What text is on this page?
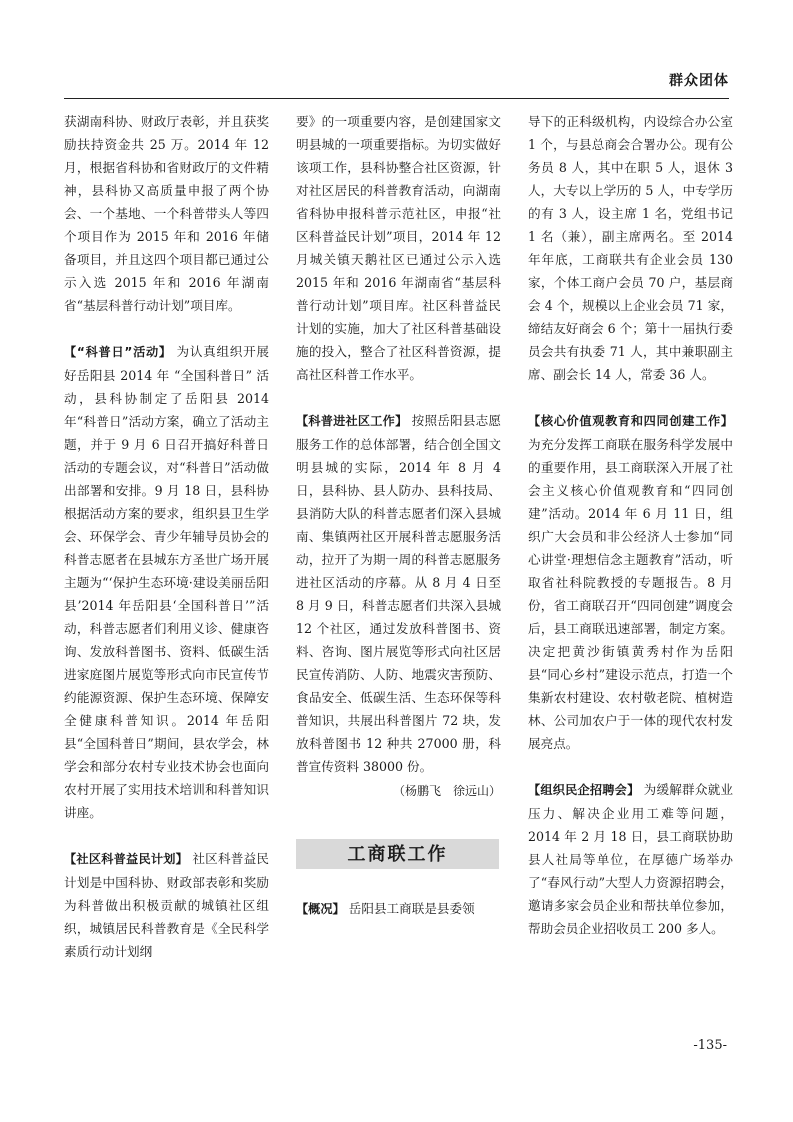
群众团体

获湖南科协、财政厅表彰，并且获奖励扶持资金共 25 万。2014 年 12 月，根据省科协和省财政厅的文件精神，县科协又高质量申报了两个协会、一个基地、一个科普带头人等四个项目作为 2015 年和 2016 年储备项目，并且这四个项目都已通过公示入选 2015 年和 2016 年湖南省“基层科普行动计划”项目库。

【“科普日”活动】 为认真组织开展好岳阳县 2014 年 “全国科普日” 活动，县科协制定了岳阳县 2014 年“科普日”活动方案，确立了活动主题，并于 9 月 6 日召开搞好科普日活动的专题会议，对“科普日”活动做出部署和安排。9 月 18 日，县科协根据活动方案的要求，组织县卫生学会、环保学会、青少年辅导员协会的科普志愿者在县城东方圣世广场开展主题为“‘保护生态环境·建设美丽岳阳县’2014 年岳阳县‘全国科普日’”活动，科普志愿者们利用义诊、健康咨询、发放科普图书、资料、低碳生活进家庭图片展览等形式向市民宣传节约能源资源、保护生态环境、保障安全健康科普知识。2014 年岳阳县“全国科普日”期间，县农学会，林学会和部分农村专业技术协会也面向农村开展了实用技术培训和科普知识讲座。

【社区科普益民计划】 社区科普益民计划是中国科协、财政部表彰和奖励为科普做出积极贡献的城镇社区组织，城镇居民科普教育是《全民科学素质行动计划纲

要》的一项重要内容，是创建国家文明县城的一项重要指标。为切实做好该项工作，县科协整合社区资源，针对社区居民的科普教育活动，向湖南省科协申报科普示范社区，申报“社区科普益民计划”项目，2014 年 12 月城关镇天鹅社区已通过公示入选 2015 年和 2016 年湖南省“基层科普行动计划”项目库。社区科普益民计划的实施，加大了社区科普基础设施的投入，整合了社区科普资源，提高社区科普工作水平。

【科普进社区工作】 按照岳阳县志愿服务工作的总体部署，结合创全国文明县城的实际，2014 年 8 月 4 日，县科协、县人防办、县科技局、县消防大队的科普志愿者们深入县城南、集镇两社区开展科普志愿服务活动，拉开了为期一周的科普志愿服务进社区活动的序幕。从 8 月 4 日至 8 月 9 日，科普志愿者们共深入县城 12 个社区，通过发放科普图书、资料、咨询、图片展览等形式向社区居民宣传消防、人防、地震灾害预防、食品安全、低碳生活、生态环保等科普知识，共展出科普图片 72 块，发放科普图书 12 种共 27000 册，科普宣传资料 38000 份。

（杨鹏飞　徐远山）
工商联工作

【概况】 岳阳县工商联是县委领

导下的正科级机构，内设综合办公室 1 个，与县总商会合署办公。现有公务员 8 人，其中在职 5 人，退休 3 人，大专以上学历的 5 人，中专学历的有 3 人，设主席 1 名，党组书记 1 名（兼），副主席两名。至 2014 年年底，工商联共有企业会员 130 家，个体工商户会员 70 户，基层商会 4 个，规模以上企业会员 71 家，缔结友好商会 6 个；第十一届执行委员会共有执委 71 人，其中兼职副主席、副会长 14 人，常委 36 人。

【核心价值观教育和四同创建工作】 为充分发挥工商联在服务科学发展中的重要作用，县工商联深入开展了社会主义核心价值观教育和“四同创建”活动。2014 年 6 月 11 日，组织广大会员和非公经济人士参加“同心讲堂·理想信念主题教育”活动，听取省社科院教授的专题报告。8 月份，省工商联召开“四同创建”调度会后，县工商联迅速部署，制定方案。决定把黄沙街镇黄秀村作为岳阳县“同心乡村”建设示范点，打造一个集新农村建设、农村敬老院、植树造林、公司加农户于一体的现代农村发展亮点。

【组织民企招聘会】 为缓解群众就业压力、解决企业用工难等问题，2014 年 2 月 18 日，县工商联协助县人社局等单位，在厚德广场举办了“春风行动”大型人力资源招聘会，邀请多家会员企业和帮扶单位参加，帮助会员企业招收员工 200 多人。

-135-
